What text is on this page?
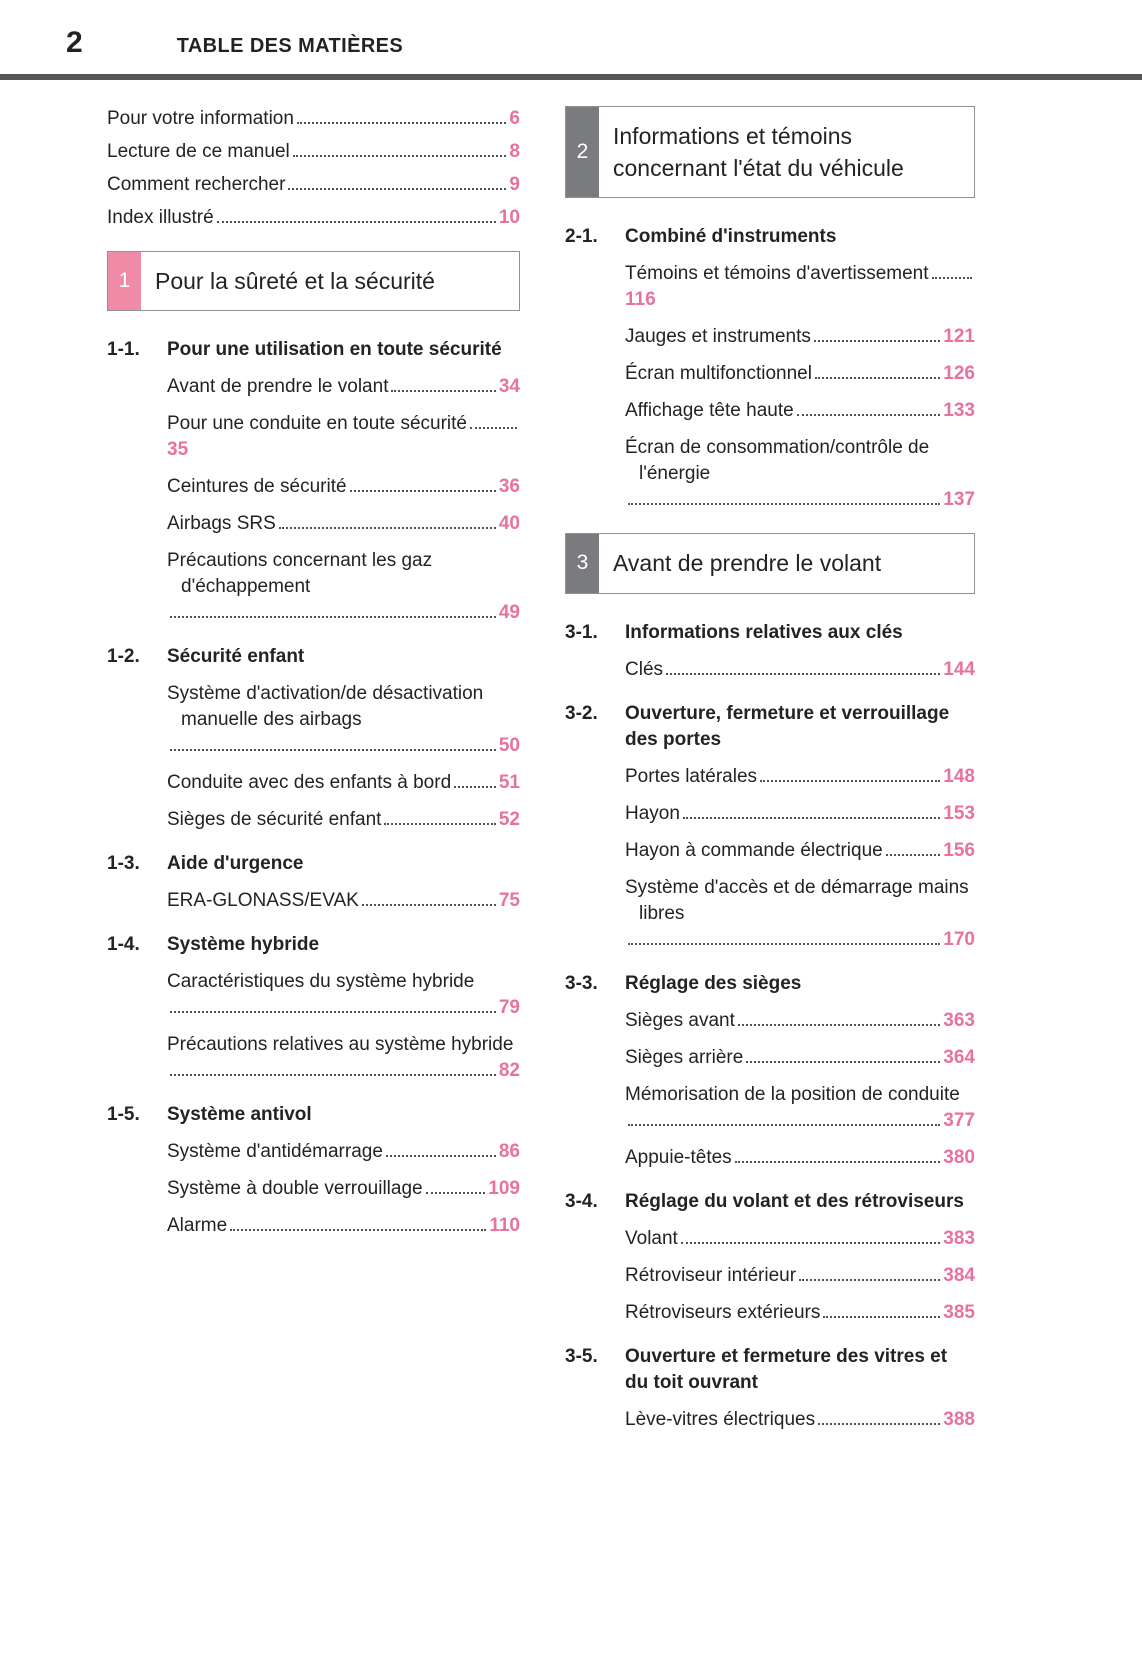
2	TABLE DES MATIÈRES
Pour votre information	6
Lecture de ce manuel	8
Comment rechercher	9
Index illustré	10
1	Pour la sûreté et la sécurité
1-1.	Pour une utilisation en toute sécurité
Avant de prendre le volant	34
Pour une conduite en toute sécurité
35
Ceintures de sécurité	36
Airbags SRS	40
Précautions concernant les gaz d'échappement
49
1-2.	Sécurité enfant
Système d'activation/de désactivation manuelle des airbags
50
Conduite avec des enfants à bord	51
Sièges de sécurité enfant	52
1-3.	Aide d'urgence
ERA-GLONASS/EVAK	75
1-4.	Système hybride
Caractéristiques du système hybride
79
Précautions relatives au système hybride
82
1-5.	Système antivol
Système d'antidémarrage	86
Système à double verrouillage	109
Alarme	110
2
Informations et témoins concernant l'état du véhicule
2-1.	Combiné d'instruments
Témoins et témoins d'avertissement
116
Jauges et instruments	121
Écran multifonctionnel	126
Affichage tête haute	133
Écran de consommation/contrôle de l'énergie
137
3	Avant de prendre le volant
3-1.	Informations relatives aux clés
Clés	144
3-2.	Ouverture, fermeture et verrouillage des portes
Portes latérales	148
Hayon	153
Hayon à commande électrique	156
Système d'accès et de démarrage mains libres
170
3-3.	Réglage des sièges
Sièges avant	363
Sièges arrière	364
Mémorisation de la position de conduite
377
Appuie-têtes	380
3-4.	Réglage du volant et des rétroviseurs
Volant	383
Rétroviseur intérieur	384
Rétroviseurs extérieurs	385
3-5.	Ouverture et fermeture des vitres et du toit ouvrant
Lève-vitres électriques	388
